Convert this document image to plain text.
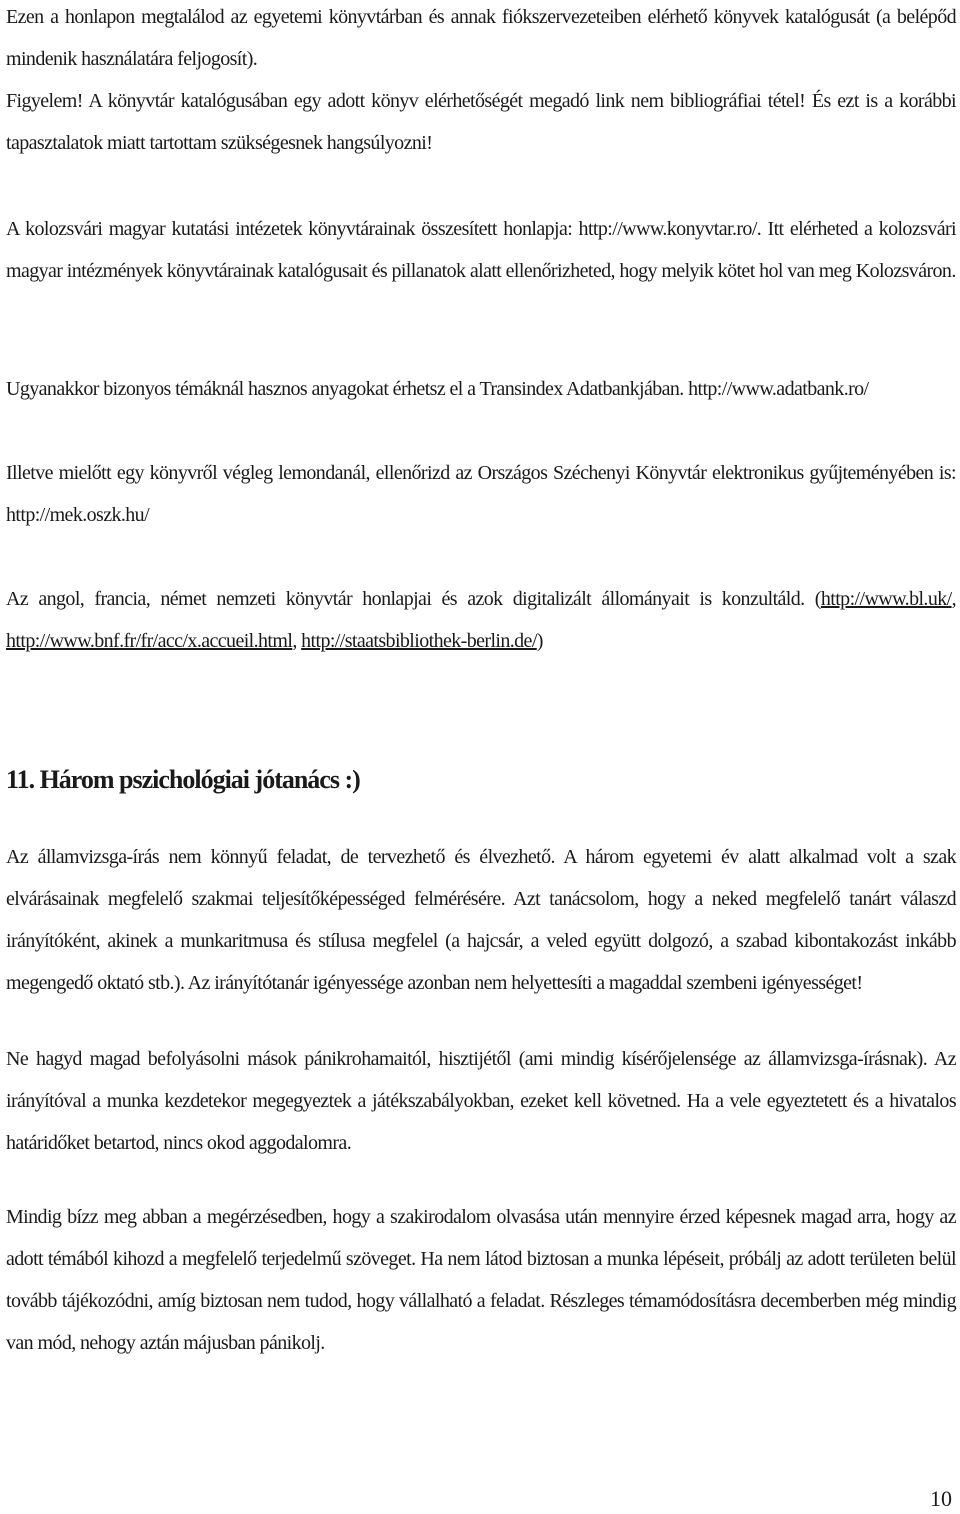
Ezen a honlapon megtalálod az egyetemi könyvtárban és annak fiókszervezeteiben elérhető könyvek katalógusát (a belépőd mindenik használatára feljogosít).

Figyelem! A könyvtár katalógusában egy adott könyv elérhetőségét megadó link nem bibliográfiai tétel! És ezt is a korábbi tapasztalatok miatt tartottam szükségesnek hangsúlyozni!

A kolozsvári magyar kutatási intézetek könyvtárainak összesített honlapja: http://www.konyvtar.ro/. Itt elérheted a kolozsvári magyar intézmények könyvtárainak katalógusait és pillanatok alatt ellenőrizheted, hogy melyik kötet hol van meg Kolozsváron.

Ugyanakkor bizonyos témáknál hasznos anyagokat érhetsz el a Transindex Adatbankjában. http://www.adatbank.ro/

Illetve mielőtt egy könyvről végleg lemondanál, ellenőrizd az Országos Széchenyi Könyvtár elektronikus gyűjteményében is: http://mek.oszk.hu/

Az angol, francia, német nemzeti könyvtár honlapjai és azok digitalizált állományait is konzultáld. (http://www.bl.uk/, http://www.bnf.fr/fr/acc/x.accueil.html, http://staatsbibliothek-berlin.de/)

11. Három pszichológiai jótanács :)

Az államvizsga-írás nem könnyű feladat, de tervezhető és élvezhető. A három egyetemi év alatt alkalmad volt a szak elvárásainak megfelelő szakmai teljesítőképességed felmérésére. Azt tanácsolom, hogy a neked megfelelő tanárt válaszd irányítóként, akinek a munkaritmusa és stílusa megfelel (a hajcsár, a veled együtt dolgozó, a szabad kibontakozást inkább megengedő oktató stb.). Az irányítótanár igényessége azonban nem helyettesíti a magaddal szembeni igényességet!

Ne hagyd magad befolyásolni mások pánikrohamaitól, hisztijétől (ami mindig kísérőjelensége az államvizsga-írásnak). Az irányítóval a munka kezdetekor megegyeztek a játékszabályokban, ezeket kell követned. Ha a vele egyeztetett és a hivatalos határidőket betartod, nincs okod aggodalomra.

Mindig bízz meg abban a megérzésedben, hogy a szakirodalom olvasása után mennyire érzed képesnek magad arra, hogy az adott témából kihozd a megfelelő terjedelmű szöveget. Ha nem látod biztosan a munka lépéseit, próbálj az adott területen belül tovább tájékozódni, amíg biztosan nem tudod, hogy vállalható a feladat. Részleges témamódosításra decemberben még mindig van mód, nehogy aztán májusban pánikolj.

10
